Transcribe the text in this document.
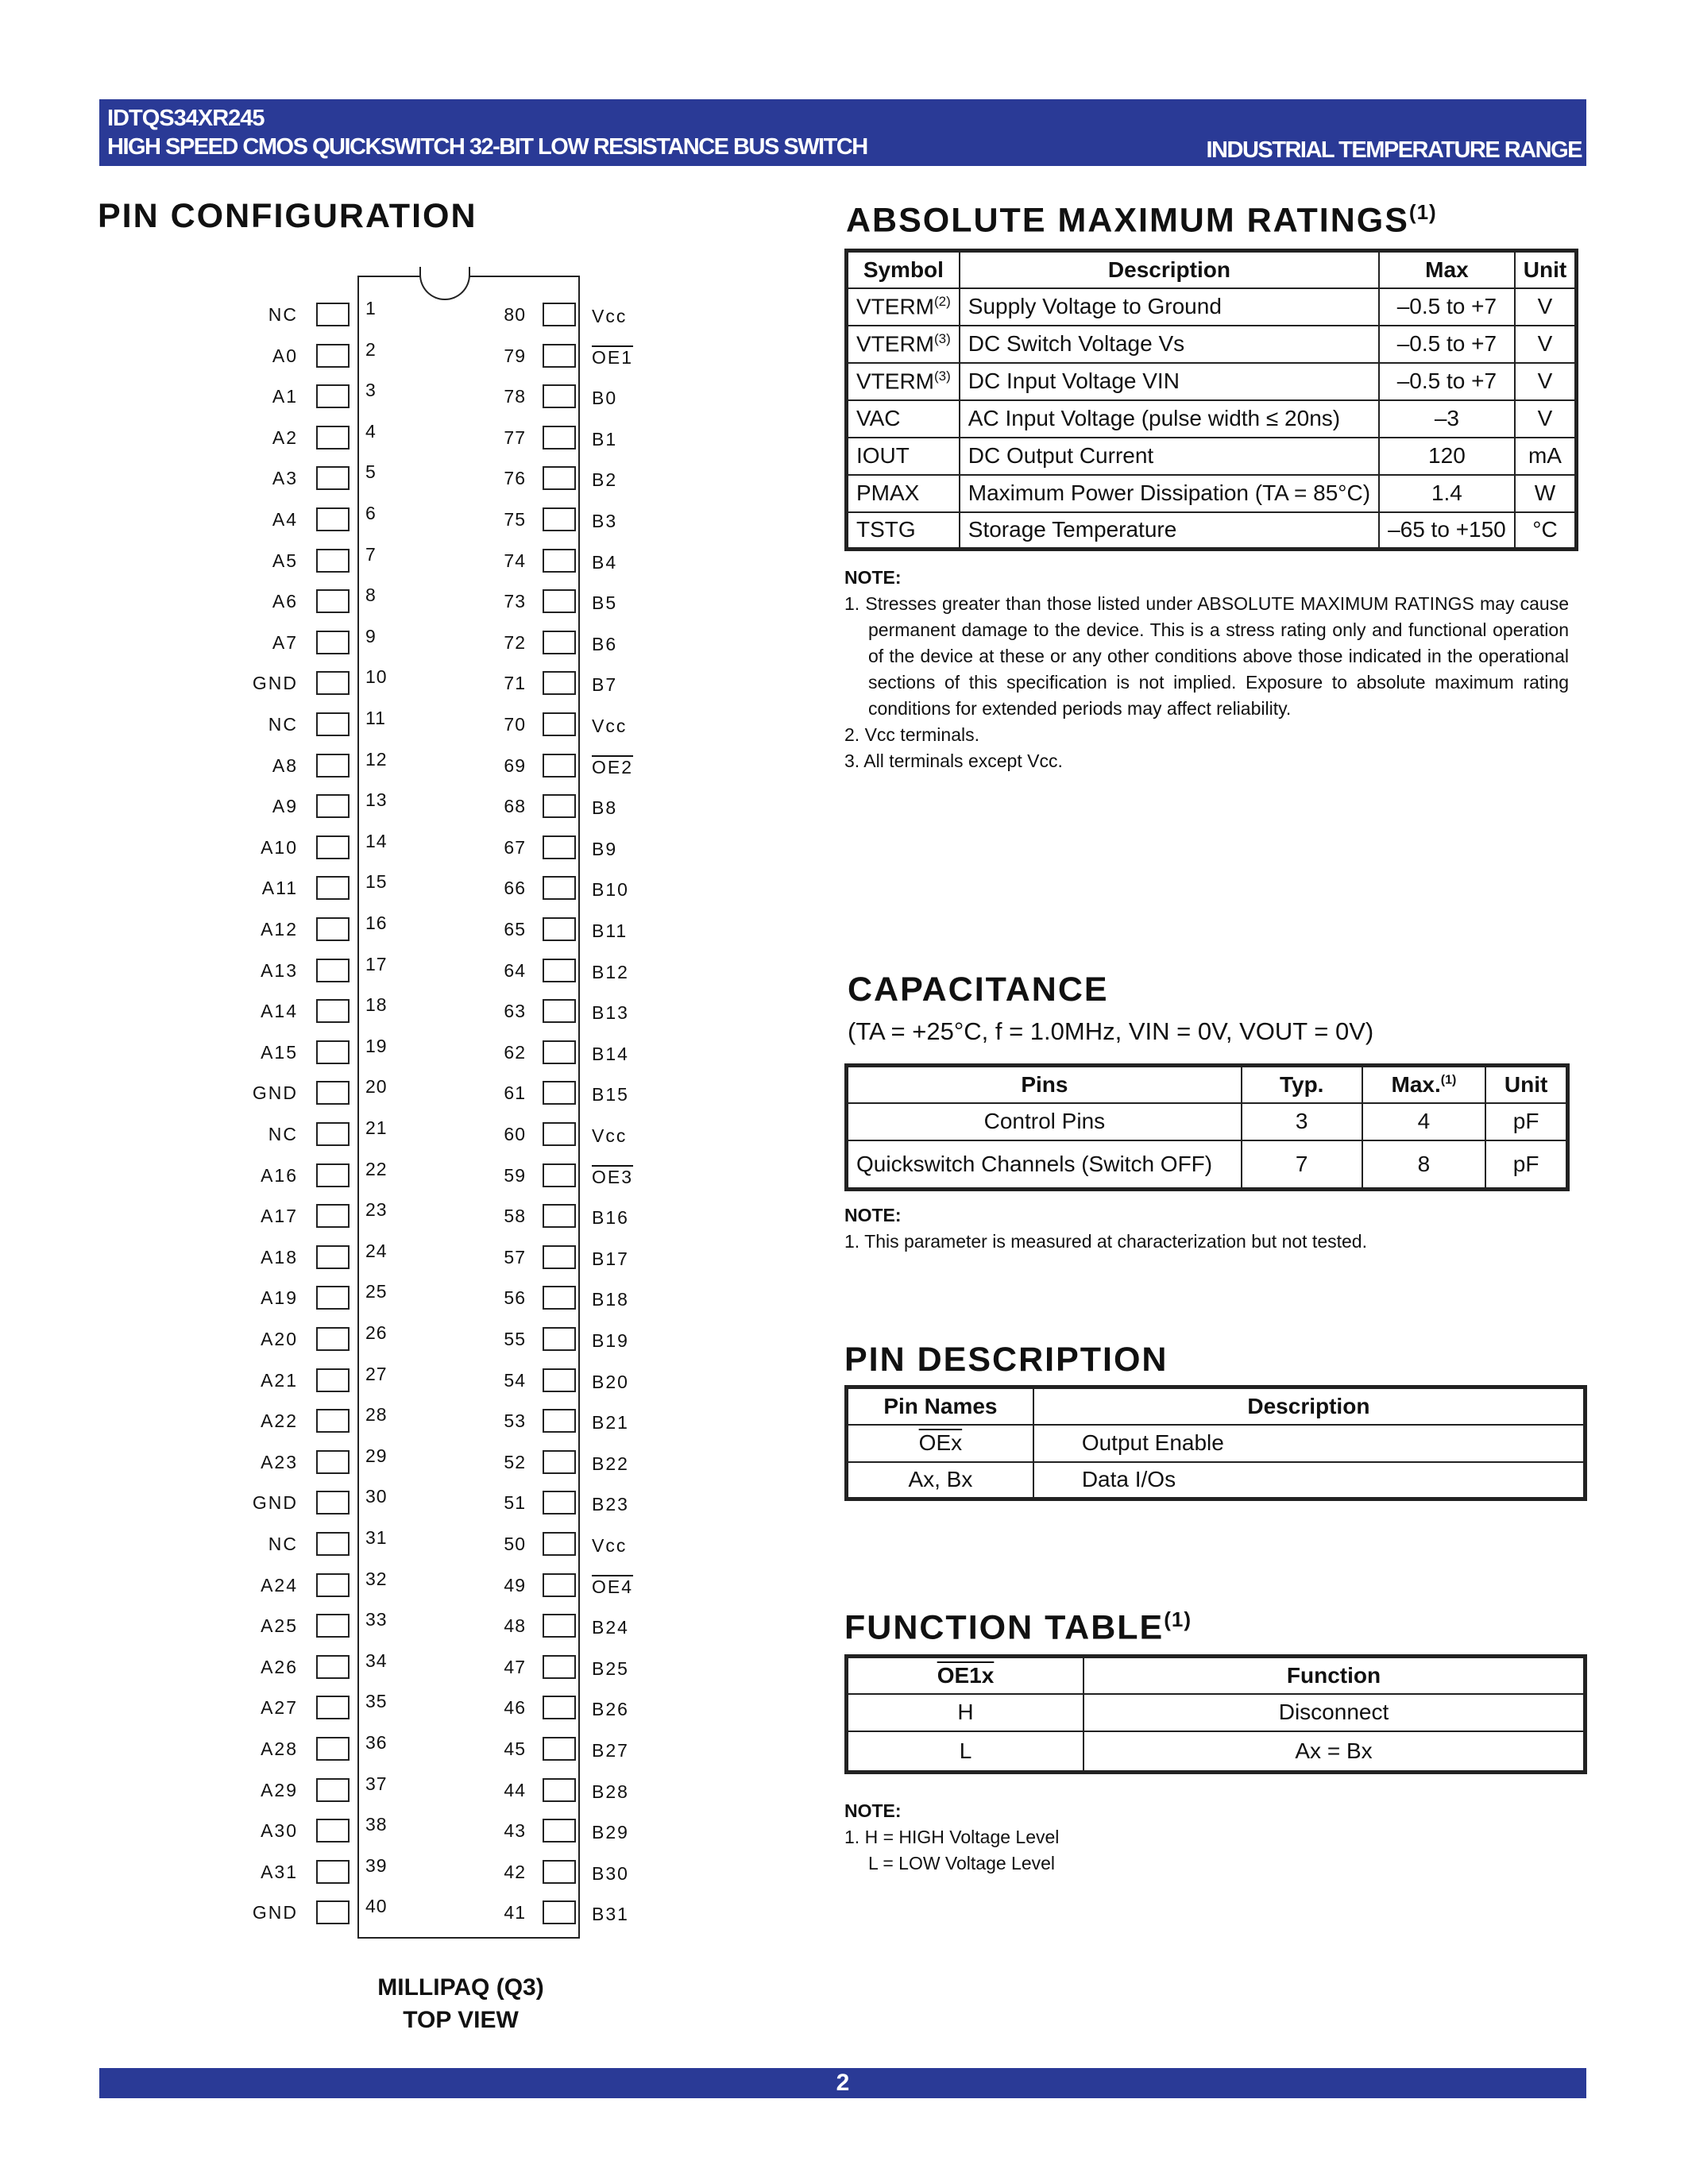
IDTQS34XR245
HIGH SPEED CMOS QUICKSWITCH 32-BIT LOW RESISTANCE BUS SWITCH	INDUSTRIAL TEMPERATURE RANGE
PIN CONFIGURATION
NC	1
A0	2
A1	3
A2	4
A3	5
A4	6
A5	7
A6	8
A7	9
GND	10
NC	11
A8	12
A9	13
A10	14
A11	15
A12	16
A13	17
A14	18
A15	19
GND	20
NC	21
A16	22
A17	23
A18	24
A19	25
A20	26
A21	27
A22	28
A23	29
GND	30
NC	31
A24	32
A25	33
A26	34
A27	35
A28	36
A29	37
A30	38
A31	39
GND	40
80	Vcc
79	OE1
78	B0
77	B1
76	B2
75	B3
74	B4
73	B5
72	B6
71	B7
70	Vcc
69	OE2
68	B8
67	B9
66	B10
65	B11
64	B12
63	B13
62	B14
61	B15
60	Vcc
59	OE3
58	B16
57	B17
56	B18
55	B19
54	B20
53	B21
52	B22
51	B23
50	Vcc
49	OE4
48	B24
47	B25
46	B26
45	B27
44	B28
43	B29
42	B30
41	B31
MILLIPAQ (Q3)
TOP VIEW
ABSOLUTE MAXIMUM RATINGS$^{(1)}$
Symbol	Description	Max	Unit
VTERM$^{(2)}$	Supply Voltage to Ground	–0.5 to +7	V
VTERM$^{(3)}$	DC Switch Voltage Vs	–0.5 to +7	V
VTERM$^{(3)}$	DC Input Voltage VIN	–0.5 to +7	V
VAC	AC Input Voltage (pulse width ≤ 20ns)	–3	V
IOUT	DC Output Current	120	mA
PMAX	Maximum Power Dissipation (TA = 85°C)	1.4	W
TSTG	Storage Temperature	–65 to +150	°C
NOTE:
1. Stresses greater than those listed under ABSOLUTE MAXIMUM RATINGS may cause permanent damage to the device. This is a stress rating only and functional operation of the device at these or any other conditions above those indicated in the operational sections of this specification is not implied. Exposure to absolute maximum rating conditions for extended periods may affect reliability.
2. Vcc terminals.
3. All terminals except Vcc.
CAPACITANCE
(TA = +25°C, f = 1.0MHz, VIN = 0V, VOUT = 0V)
Pins	Typ.	Max.$^{(1)}$	Unit
Control Pins	3	4	pF
Quickswitch Channels (Switch OFF)	7	8	pF
NOTE:
1. This parameter is measured at characterization but not tested.
PIN DESCRIPTION
Pin Names	Description
$\overline{OEx}$	Output Enable
Ax, Bx	Data I/Os
FUNCTION TABLE$^{(1)}$
OE1x	Function
H	Disconnect
L	Ax = Bx
NOTE:
1. H = HIGH Voltage Level
L = LOW Voltage Level
2
